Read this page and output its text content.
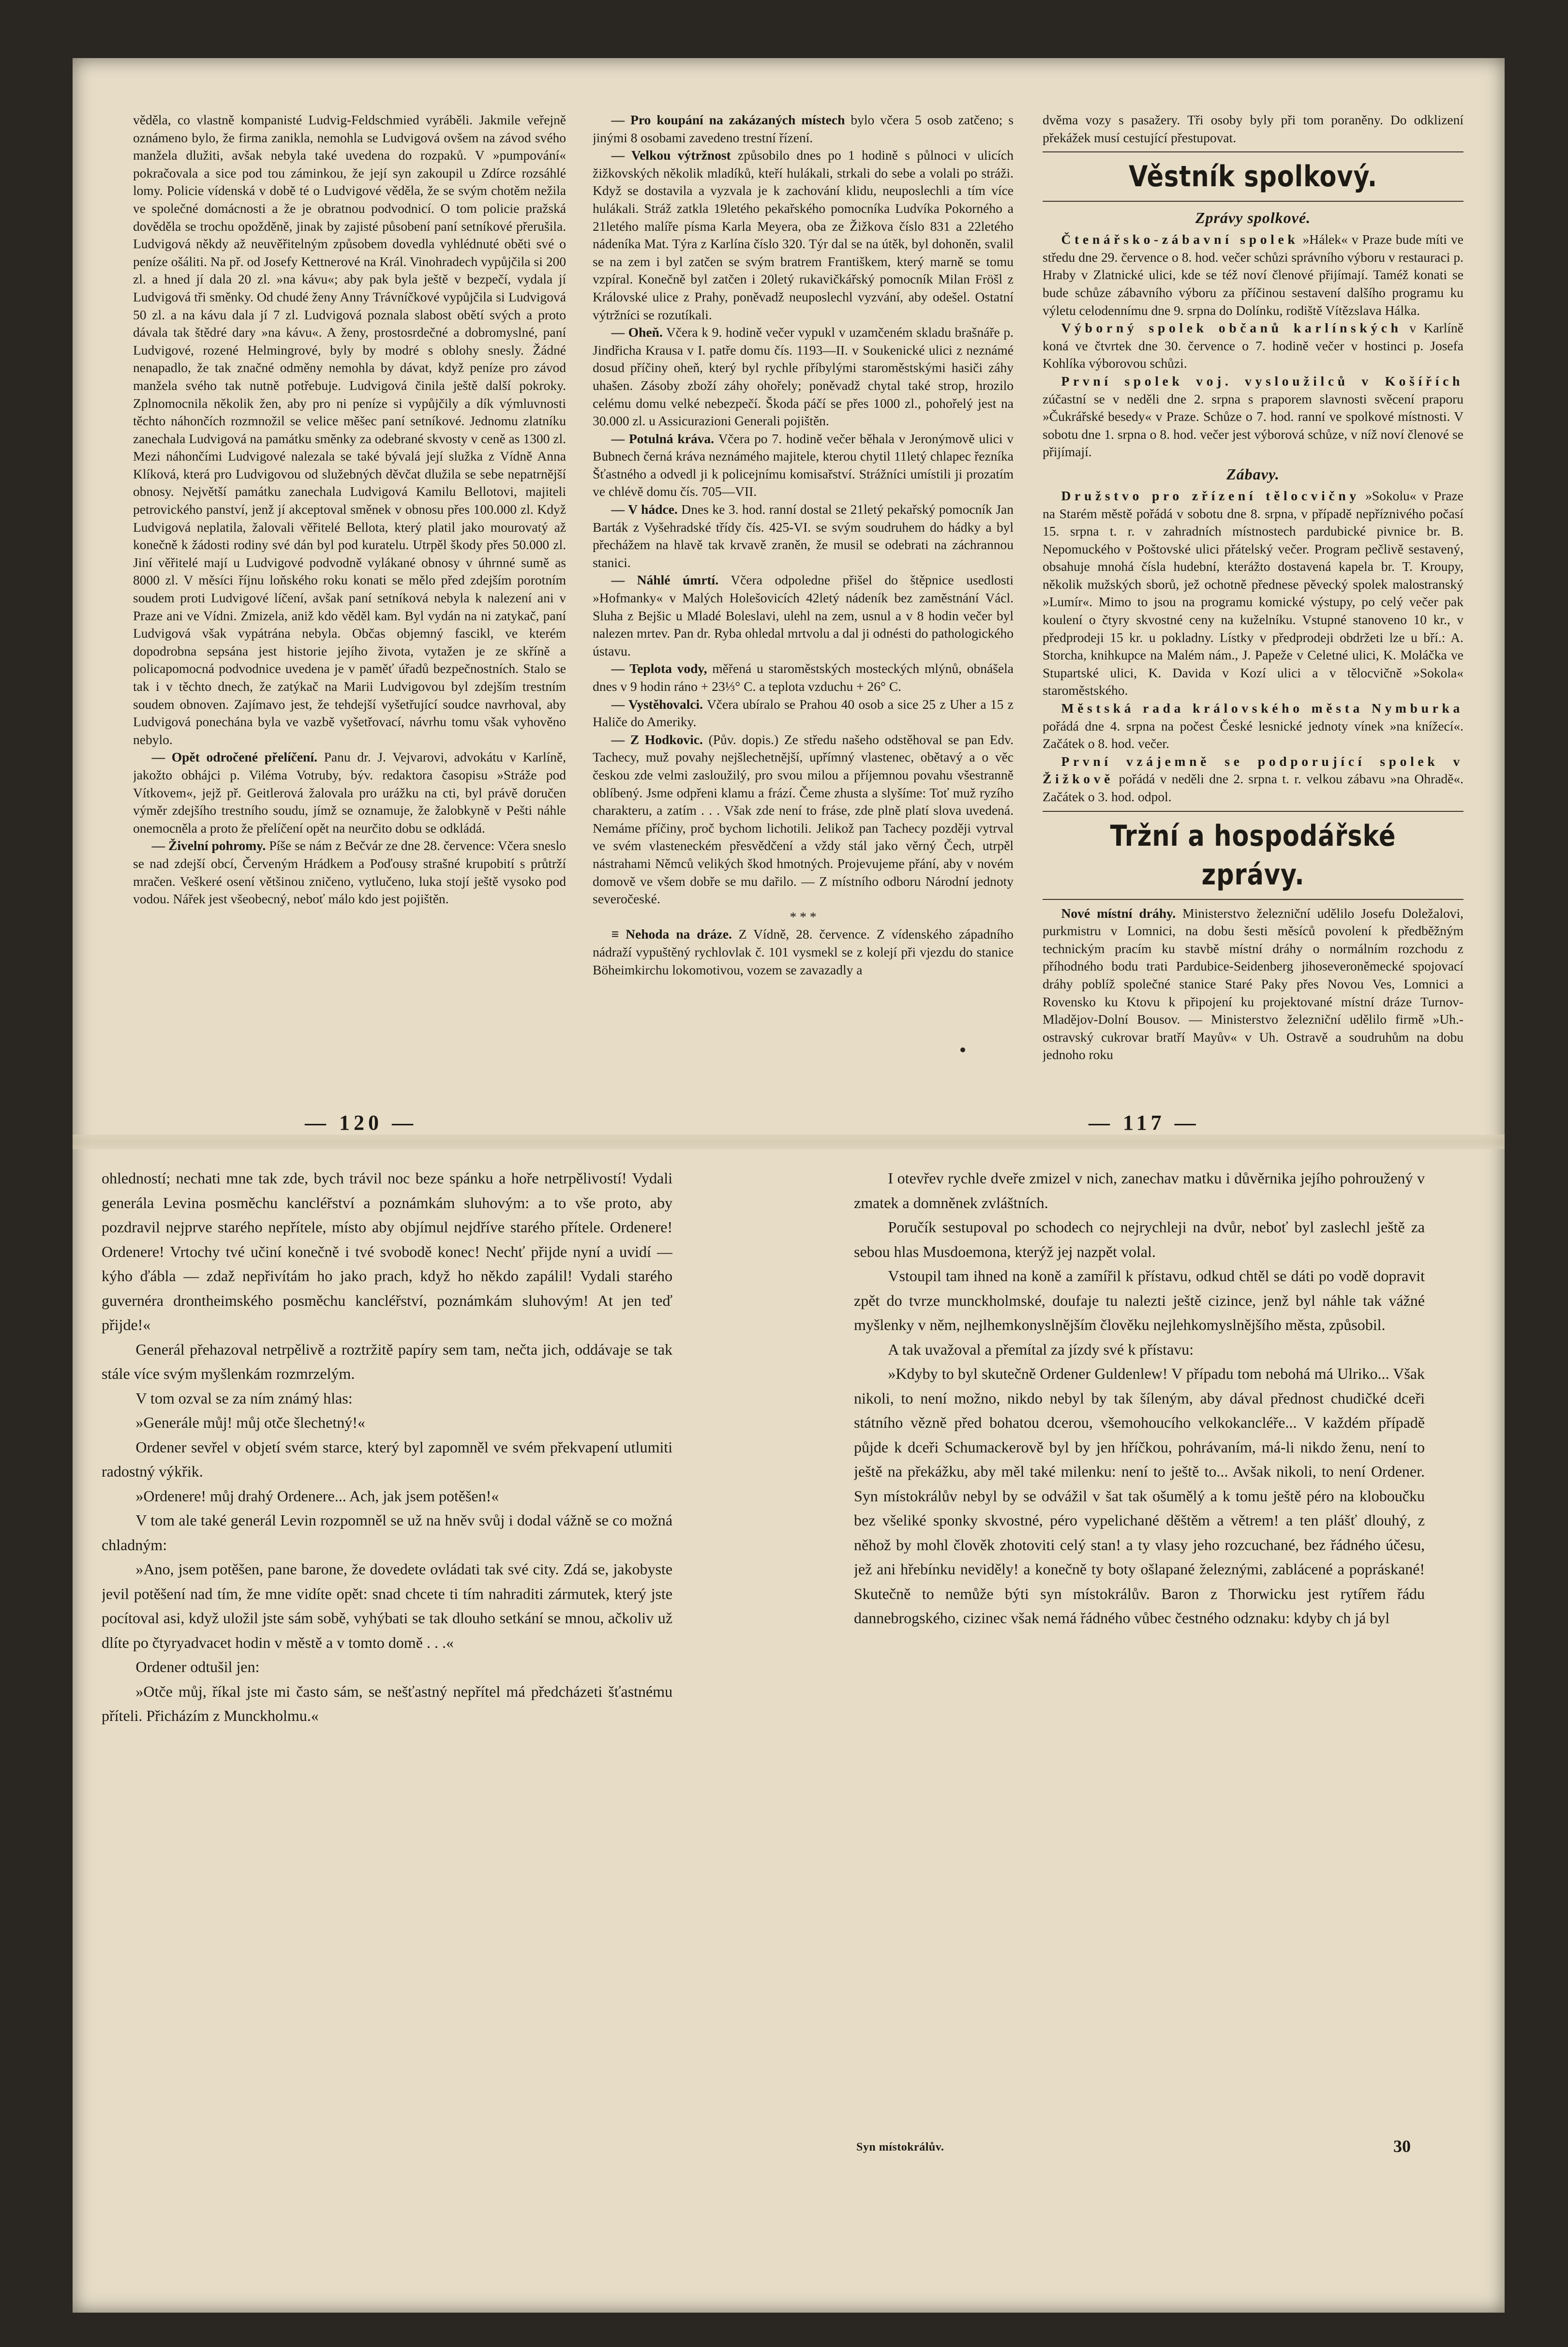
věděla, co vlastně kompanisté Ludvig-Feldschmied vyráběli. Jakmile veřejně oznámeno bylo, že firma zanikla, nemohla se Ludvigová ovšem na závod svého manžela dlužiti, avšak nebyla také uvedena do rozpaků. V »pumpování« pokračovala a sice pod tou záminkou, že její syn zakoupil u Zdírce rozsáhlé lomy. Policie vídenská v době té o Ludvigové věděla, že se svým chotěm nežila ve společné domácnosti a že je obratnou podvodnicí. O tom policie pražská dověděla se trochu opožděně, jinak by zajisté působení paní setníkové přerušila. Ludvigová někdy až neuvěřitelným způsobem dovedla vyhlédnuté oběti své o peníze ošáliti. Na př. od Josefy Kettnerové na Král. Vinohradech vypůjčila si 200 zl. a hned jí dala 20 zl. »na kávu«; aby pak byla ještě v bezpečí, vydala jí Ludvigová tři směnky. Od chudé ženy Anny Trávníčkové vypůjčila si Ludvigová 50 zl. a na kávu dala jí 7 zl. Ludvigová poznala slabost obětí svých a proto dávala tak štědré dary »na kávu«. A ženy, prostosrdečné a dobromyslné, paní Ludvigové, rozené Helmingrové, byly by modré s oblohy snesly. Žádné nenapadlo, že tak značné odměny nemohla by dávat, když peníze pro závod manžela svého tak nutně potřebuje. Ludvigová činila ještě další pokroky. Zplnomocnila několik žen, aby pro ni peníze si vypůjčily a dík výmluvnosti těchto náhončích rozmnožil se velice měšec paní setníkové. Jednomu zlatníku zanechala Ludvigová na památku směnky za odebrané skvosty v ceně as 1300 zl. Mezi náhončími Ludvigové nalezala se také bývalá její služka z Vídně Anna Klíková, která pro Ludvigovou od služebných děvčat dlužila se sebe nepatrnější obnosy. Největší památku zanechala Ludvigová Kamilu Bellotovi, majiteli petrovického panství, jenž jí akceptoval směnek v obnosu přes 100.000 zl. Když Ludvigová neplatila, žalovali věřitelé Bellota, který platil jako mourovatý až konečně k žádosti rodiny své dán byl pod kuratelu. Utrpěl škody přes 50.000 zl. Jiní věřitelé mají u Ludvigové podvodně vylákané obnosy v úhrnné sumě as 8000 zl. V měsíci říjnu loňského roku konati se mělo před zdejším porotním soudem proti Ludvigové líčení, avšak paní setníková nebyla k nalezení ani v Praze ani ve Vídni. Zmizela, aniž kdo věděl kam. Byl vydán na ni zatykač, paní Ludvigová však vypátrána nebyla. Občas objemný fascikl, ve kterém dopodrobna sepsána jest historie jejího života, vytažen je ze skříně a policapomocná podvodnice uvedena je v paměť úřadů bezpečnostních. Stalo se tak i v těchto dnech, že zatýkač na Marii Ludvigovou byl zdejším trestním soudem obnoven. Zajímavo jest, že tehdejší vyšetřující soudce navrhoval, aby Ludvigová ponechána byla ve vazbě vyšetřovací, návrhu tomu však vyhověno nebylo.

— Opět odročené přelíčení. Panu dr. J. Vejvarovi, advokátu v Karlíně, jakožto obhájci p. Viléma Votruby, býv. redaktora časopisu »Stráže pod Vítkovem«, jejž př. Geitlerová žalovala pro urážku na cti, byl právě doručen výměr zdejšího trestního soudu, jímž se oznamuje, že žalobkyně v Pešti náhle onemocněla a proto že přelíčení opět na neurčito dobu se odkládá.

— Živelní pohromy. Píše se nám z Bečvár ze dne 28. července: Včera sneslo se nad zdejší obcí, Červeným Hrádkem a Poďousy strašné krupobití s průtrží mračen. Veškeré osení většinou zničeno, vytlučeno, luka stojí ještě vysoko pod vodou. Nářek jest všeobecný, neboť málo kdo jest pojištěn.

— Pro koupání na zakázaných místech bylo včera 5 osob zatčeno; s jinými 8 osobami zavedeno trestní řízení.

— Velkou výtržnost způsobilo dnes po 1 hodině s půlnoci v ulicích žižkovských několik mladíků, kteří hulákali, strkali do sebe a volali po stráži. Když se dostavila a vyzvala je k zachování klidu, neuposlechli a tím více hulákali. Stráž zatkla 19letého pekařského pomocníka Ludvíka Pokorného a 21letého malíře písma Karla Meyera, oba ze Žižkova číslo 831 a 22letého nádeníka Mat. Týra z Karlína číslo 320. Týr dal se na útěk, byl dohoněn, svalil se na zem i byl zatčen se svým bratrem Františkem, který marně se tomu vzpíral. Konečně byl zatčen i 20letý rukavičkářský pomocník Milan Fröšl z Královské ulice z Prahy, poněvadž neuposlechl vyzvání, aby odešel. Ostatní výtržníci se rozutíkali.

— Oheň. Včera k 9. hodině večer vypukl v uzamčeném skladu brašnáře p. Jindřicha Krausa v I. patře domu čís. 1193—II. v Soukenické ulici z neznámé dosud příčiny oheň, který byl rychle příbylými staroměstskými hasiči záhy uhašen. Zásoby zboží záhy ohořely; poněvadž chytal také strop, hrozilo celému domu velké nebezpečí. Škoda páčí se přes 1000 zl., pohořelý jest na 30.000 zl. u Assicurazioni Generali pojištěn.

— Potulná kráva. Včera po 7. hodině večer běhala v Jeronýmově ulici v Bubnech černá kráva neznámého majitele, kterou chytil 11letý chlapec řezníka Šťastného a odvedl ji k policejnímu komisařství. Strážníci umístili ji prozatím ve chlévě domu čís. 705—VII.

— V hádce. Dnes ke 3. hod. ranní dostal se 21letý pekařský pomocník Jan Barták z Vyšehradské třídy čís. 425-VI. se svým soudruhem do hádky a byl přechážem na hlavě tak krvavě zraněn, že musil se odebrati na záchrannou stanici.

— Náhlé úmrtí. Včera odpoledne přišel do štěpnice usedlosti »Hofmanky« v Malých Holešovicích 42letý nádeník bez zaměstnání Václ. Sluha z Bejšic u Mladé Boleslavi, ulehl na zem, usnul a v 8 hodin večer byl nalezen mrtev. Pan dr. Ryba ohledal mrtvolu a dal ji odnésti do pathologického ústavu.

— Teplota vody, měřená u staroměstských mosteckých mlýnů, obnášela dnes v 9 hodin ráno + 23⅓° C. a teplota vzduchu + 26° C.

— Vystěhovalci. Včera ubíralo se Prahou 40 osob a sice 25 z Uher a 15 z Haliče do Ameriky.

— Z Hodkovic. (Pův. dopis.) Ze středu našeho odstěhoval se pan Edv. Tachecy, muž povahy nejšlechetnější, upřímný vlastenec, obětavý a o věc českou zde velmi zasloužilý, pro svou milou a příjemnou povahu všestranně oblíbený. Jsme odpřeni klamu a frází. Čeme zhusta a slyšíme: Toť muž ryzího charakteru, a zatím . . . Však zde není to fráse, zde plně platí slova uvedená. Nemáme příčiny, proč bychom lichotili. Jelikož pan Tachecy později vytrval ve svém vlasteneckém přesvědčení a vždy stál jako věrný Čech, utrpěl nástrahami Němců velikých škod hmotných. Projevujeme přání, aby v novém domově ve všem dobře se mu dařilo. — Z místního odboru Národní jednoty severočeské.

* * *

≡ Nehoda na dráze. Z Vídně, 28. července. Z vídenského západního nádraží vypuštěný rychlovlak č. 101 vysmekl se z kolejí při vjezdu do stanice Böheimkirchu lokomotivou, vozem se zavazadly a

dvěma vozy s pasažery. Tři osoby byly při tom poraněny. Do odklizení překážek musí cestující přestupovat.

Věstník spolkový.
Zprávy spolkové.

Čtenářsko-zábavní spolek »Hálek« v Praze bude míti ve středu dne 29. července o 8. hod. večer schůzi správního výboru v restauraci p. Hraby v Zlatnické ulici, kde se též noví členové přijímají. Taméž konati se bude schůze zábavního výboru za příčinou sestavení dalšího programu ku výletu celodennímu dne 9. srpna do Dolínku, rodiště Vítězslava Hálka.

Výborný spolek občanů karlínských v Karlíně koná ve čtvrtek dne 30. července o 7. hodině večer v hostinci p. Josefa Kohlíka výborovou schůzi.

První spolek voj. vysloužilců v Košířích zúčastní se v neděli dne 2. srpna s praporem slavnosti svěcení praporu »Čukrářské besedy« v Praze. Schůze o 7. hod. ranní ve spolkové místnosti. V sobotu dne 1. srpna o 8. hod. večer jest výborová schůze, v níž noví členové se přijímají.

Zábavy.

Družstvo pro zřízení tělocvičny »Sokolu« v Praze na Starém městě pořádá v sobotu dne 8. srpna, v případě nepříznivého počasí 15. srpna t. r. v zahradních místnostech pardubické pivnice br. B. Nepomuckého v Poštovské ulici přátelský večer. Program pečlivě sestavený, obsahuje mnohá čísla hudební, kterážto dostavená kapela br. T. Kroupy, několik mužských sborů, jež ochotně přednese pěvecký spolek malostranský »Lumír«. Mimo to jsou na programu komické výstupy, po celý večer pak koulení o čtyry skvostné ceny na kuželníku. Vstupné stanoveno 10 kr., v předprodeji 15 kr. u pokladny. Lístky v předprodeji obdržeti lze u bří.: A. Storcha, knihkupce na Malém nám., J. Papeže v Celetné ulici, K. Moláčka ve Stupartské ulici, K. Davida v Kozí ulici a v tělocvičně »Sokola« staroměstského.

Městská rada královského města Nymburka pořádá dne 4. srpna na počest České lesnické jednoty vínek »na knížecí«. Začátek o 8. hod. večer.

První vzájemně se podporující spolek v Žižkově pořádá v neděli dne 2. srpna t. r. velkou zábavu »na Ohradě«. Začátek o 3. hod. odpol.

Tržní a hospodářské zprávy.

Nové místní dráhy. Ministerstvo železniční udělilo Josefu Doležalovi, purkmistru v Lomnici, na dobu šesti měsíců povolení k předběžným technickým pracím ku stavbě místní dráhy o normálním rozchodu z příhodného bodu trati Pardubice-Seidenberg jihoseveroněmecké spojovací dráhy poblíž společné stanice Staré Paky přes Novou Ves, Lomnici a Rovensko ku Ktovu k připojení ku projektované místní dráze Turnov-Mladějov-Dolní Bousov. — Ministerstvo železniční udělilo firmě »Uh.-ostravský cukrovar bratří Mayův« v Uh. Ostravě a soudruhům na dobu jednoho roku

— 120 —	— 117 —

ohledností; nechati mne tak zde, bych trávil noc beze spánku a hoře netrpělivostí! Vydali generála Levina posměchu kancléřství a poznámkám sluhovým: a to vše proto, aby pozdravil nejprve starého nepřítele, místo aby objímul nejdříve starého přítele. Ordenere! Ordenere! Vrtochy tvé učiní konečně i tvé svobodě konec! Nechť přijde nyní a uvidí — kýho ďábla — zdaž nepřivítám ho jako prach, když ho někdo zapálil! Vydali starého guvernéra drontheimského posměchu kancléřství, poznámkám sluhovým! At jen teď přijde!«

Generál přehazoval netrpělivě a roztržitě papíry sem tam, nečta jich, oddávaje se tak stále více svým myšlenkám rozmrzelým.

V tom ozval se za ním známý hlas:

»Generále můj! můj otče šlechetný!«

Ordener sevřel v objetí svém starce, který byl zapomněl ve svém překvapení utlumiti radostný výkřik.

»Ordenere! můj drahý Ordenere... Ach, jak jsem potěšen!«

V tom ale také generál Levin rozpomněl se už na hněv svůj i dodal vážně se co možná chladným:

»Ano, jsem potěšen, pane barone, že dovedete ovládati tak své city. Zdá se, jakobyste jevil potěšení nad tím, že mne vidíte opět: snad chcete ti tím nahraditi zármutek, který jste pocítoval asi, když uložil jste sám sobě, vyhýbati se tak dlouho setkání se mnou, ačkoliv už dlíte po čtyryadvacet hodin v městě a v tomto domě . . .«

Ordener odtušil jen:

»Otče můj, říkal jste mi často sám, se nešťastný nepřítel má předcházeti šťastnému příteli. Přicházím z Munckholmu.«

I otevřev rychle dveře zmizel v nich, zanechav matku i důvěrnika jejího pohroužený v zmatek a domněnek zvláštních.

Poručík sestupoval po schodech co nejrychleji na dvůr, neboť byl zaslechl ještě za sebou hlas Musdoemona, kterýž jej nazpět volal.

Vstoupil tam ihned na koně a zamířil k přístavu, odkud chtěl se dáti po vodě dopravit zpět do tvrze munckholmské, doufaje tu nalezti ještě cizince, jenž byl náhle tak vážné myšlenky v něm, nejlhemkonyslnějším člověku nejlehkomyslnějšího města, způsobil.

A tak uvažoval a přemítal za jízdy své k přístavu:

»Kdyby to byl skutečně Ordener Guldenlew! V případu tom nebohá má Ulriko... Však nikoli, to není možno, nikdo nebyl by tak šíleným, aby dával přednost chudičké dceři státního vězně před bohatou dcerou, všemohoucího velkokancléře... V každém případě půjde k dceři Schumackerově byl by jen hříčkou, pohrávaním, má-li nikdo ženu, není to ještě na překážku, aby měl také milenku: není to ještě to... Avšak nikoli, to není Ordener. Syn místokrálův nebyl by se odvážil v šat tak ošumělý a k tomu ještě péro na kloboučku bez všeliké sponky skvostné, péro vypelichané děštěm a větrem! a ten plášť dlouhý, z něhož by mohl člověk zhotoviti celý stan! a ty vlasy jeho rozcuchané, bez řádného účesu, jež ani hřebínku neviděly! a konečně ty boty ošlapané železnými, zablácené a popráskané! Skutečně to nemůže býti syn místokrálův. Baron z Thorwicku jest rytířem řádu dannebrogského, cizinec však nemá řádného vůbec čestného odznaku: kdyby ch já byl

Syn místokrálův.	30
